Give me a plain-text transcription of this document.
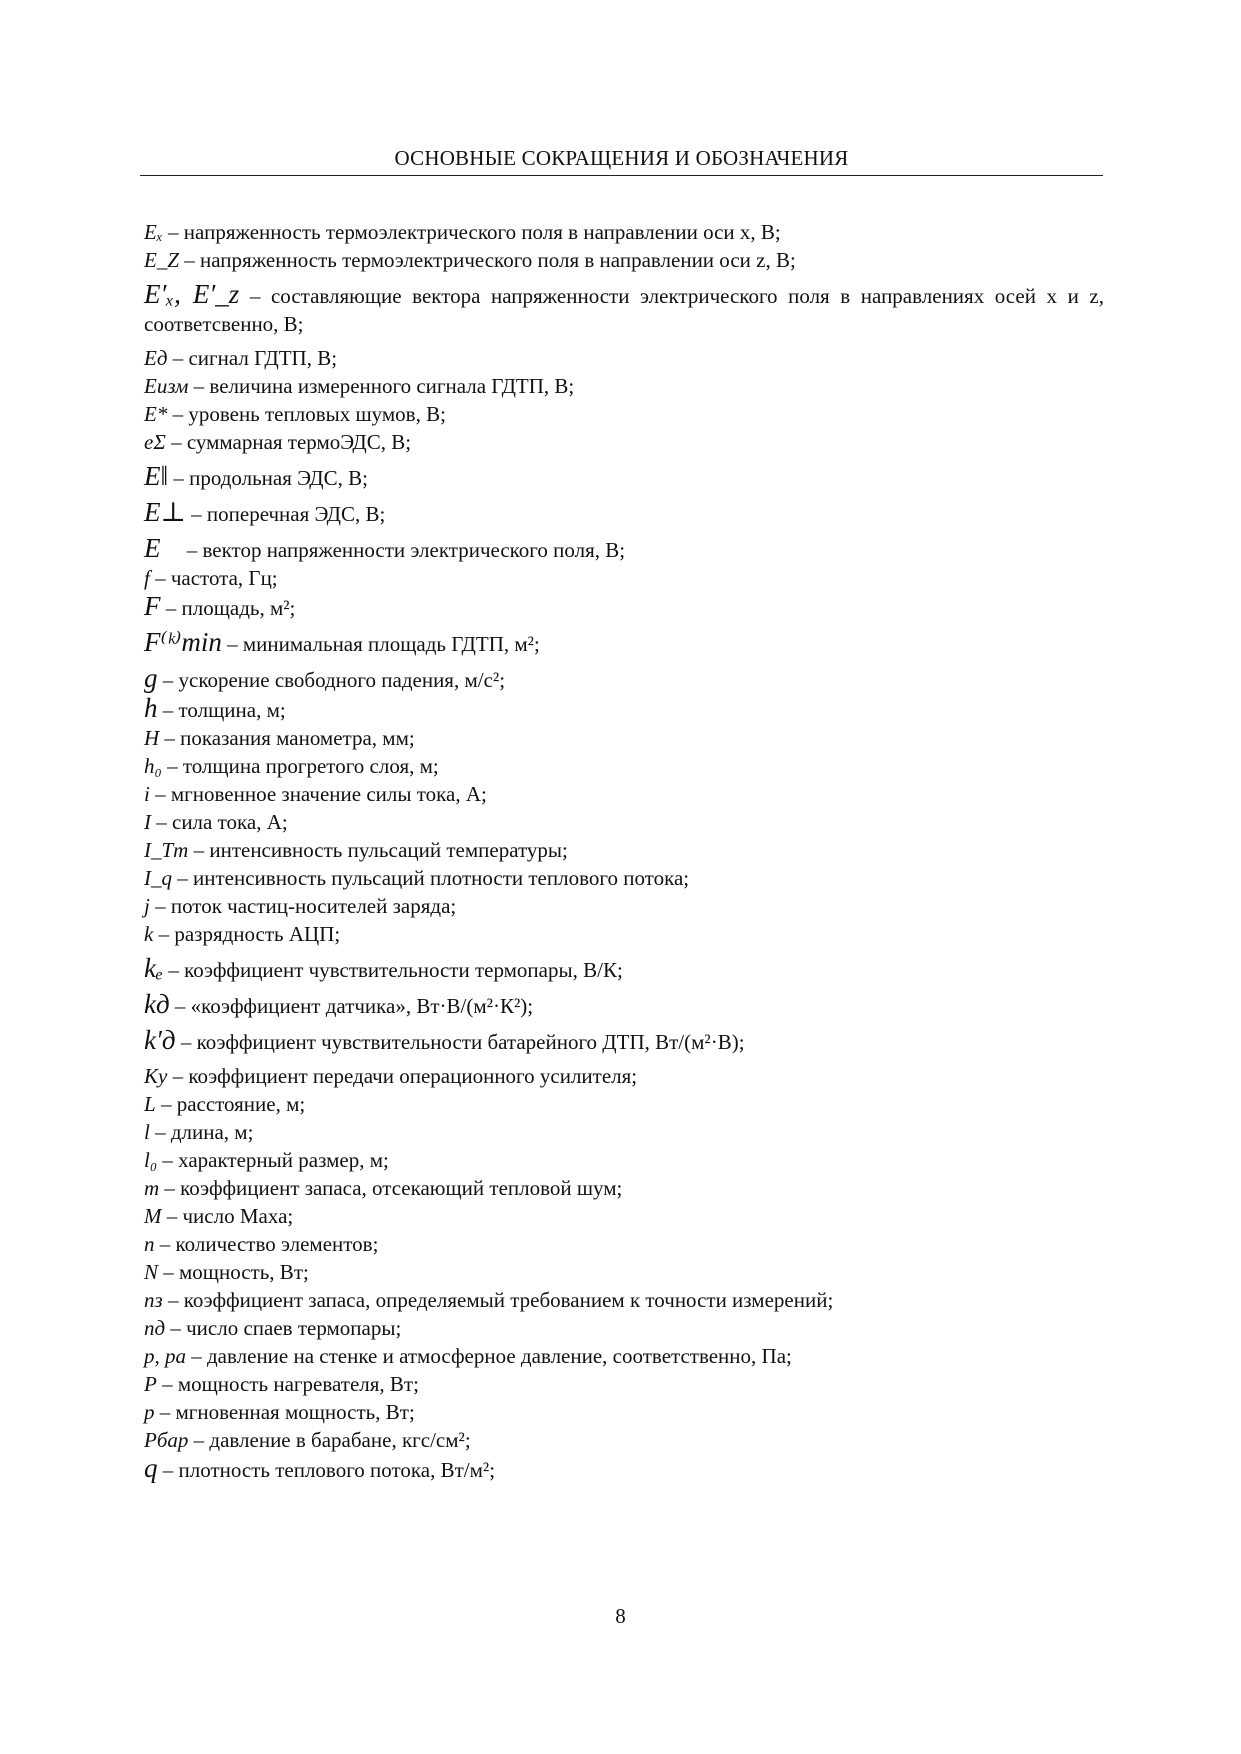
ОСНОВНЫЕ СОКРАЩЕНИЯ И ОБОЗНАЧЕНИЯ
Eₓ – напряженность термоэлектрического поля в направлении оси x, В;
E_Z – напряженность термоэлектрического поля в направлении оси z, В;
E′ₓ, E′_z – составляющие вектора напряженности электрического поля в направлениях осей x и z, соответсвенно, В;
Eд – сигнал ГДТП, В;
Eизм – величина измеренного сигнала ГДТП, В;
E* – уровень тепловых шумов, В;
eΣ – суммарная термоЭДС, В;
E‖ – продольная ЭДС, В;
E⊥ – поперечная ЭДС, В;
E⃗ – вектор напряженности электрического поля, В;
f – частота, Гц;
F – площадь, м²;
F⁽ᵏ⁾min – минимальная площадь ГДТП, м²;
g – ускорение свободного падения, м/с²;
h – толщина, м;
H – показания манометра, мм;
h₀ – толщина прогретого слоя, м;
i – мгновенное значение силы тока, А;
I – сила тока, А;
I_Tm – интенсивность пульсаций температуры;
I_q – интенсивность пульсаций плотности теплового потока;
j – поток частиц-носителей заряда;
k – разрядность АЦП;
kₑ – коэффициент чувствительности термопары, В/К;
kд – «коэффициент датчика», Вт·В/(м²·К²);
k′д – коэффициент чувствительности батарейного ДТП, Вт/(м²·В);
Kу – коэффициент передачи операционного усилителя;
L – расстояние, м;
l – длина, м;
l₀ – характерный размер, м;
m – коэффициент запаса, отсекающий тепловой шум;
M – число Маха;
n – количество элементов;
N – мощность, Вт;
nз – коэффициент запаса, определяемый требованием к точности измерений;
nд – число спаев термопары;
p, pа – давление на стенке и атмосферное давление, соответственно, Па;
P – мощность нагревателя, Вт;
p – мгновенная мощность, Вт;
Pбар – давление в барабане, кгс/см²;
q – плотность теплового потока, Вт/м²;
8
